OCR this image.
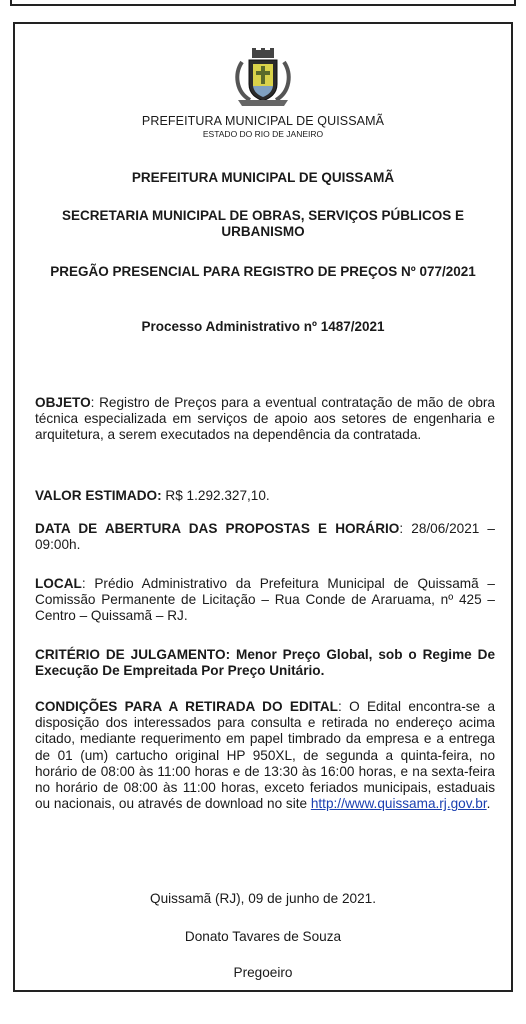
PREFEITURA MUNICIPAL DE QUISSAMÃ
ESTADO DO RIO DE JANEIRO
PREFEITURA MUNICIPAL DE QUISSAMÃ
SECRETARIA MUNICIPAL DE OBRAS, SERVIÇOS PÚBLICOS E URBANISMO
PREGÃO PRESENCIAL PARA REGISTRO DE PREÇOS Nº 077/2021
Processo Administrativo nº 1487/2021
OBJETO: Registro de Preços para a eventual contratação de mão de obra técnica especializada em serviços de apoio aos setores de engenharia e arquitetura, a serem executados na dependência da contratada.
VALOR ESTIMADO: R$ 1.292.327,10.
DATA DE ABERTURA DAS PROPOSTAS E HORÁRIO: 28/06/2021 – 09:00h.
LOCAL: Prédio Administrativo da Prefeitura Municipal de Quissamã – Comissão Permanente de Licitação – Rua Conde de Araruama, nº 425 – Centro – Quissamã – RJ.
CRITÉRIO DE JULGAMENTO: Menor Preço Global, sob o Regime De Execução De Empreitada Por Preço Unitário.
CONDIÇÕES PARA A RETIRADA DO EDITAL: O Edital encontra-se a disposição dos interessados para consulta e retirada no endereço acima citado, mediante requerimento em papel timbrado da empresa e a entrega de 01 (um) cartucho original HP 950XL, de segunda a quinta-feira, no horário de 08:00 às 11:00 horas e de 13:30 às 16:00 horas, e na sexta-feira no horário de 08:00 às 11:00 horas, exceto feriados municipais, estaduais ou nacionais, ou através de download no site http://www.quissama.rj.gov.br.
Quissamã (RJ), 09 de junho de 2021.
Donato Tavares de Souza
Pregoeiro
